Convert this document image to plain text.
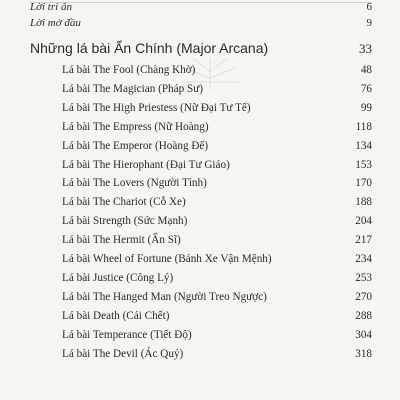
Lời tri ân	6
Lời mở đầu	9
Những lá bài Ẩn Chính (Major Arcana)	33
Lá bài The Fool (Chàng Khờ)	48
Lá bài The Magician (Pháp Sư)	76
Lá bài The High Priestess (Nữ Đại Tư Tế)	99
Lá bài The Empress (Nữ Hoàng)	118
Lá bài The Emperor (Hoàng Đế)	134
Lá bài The Hierophant (Đại Tư Giáo)	153
Lá bài The Lovers (Người Tình)	170
Lá bài The Chariot (Cỗ Xe)	188
Lá bài Strength (Sức Mạnh)	204
Lá bài The Hermit (Ẩn Sĩ)	217
Lá bài Wheel of Fortune (Bánh Xe Vận Mệnh)	234
Lá bài Justice (Công Lý)	253
Lá bài The Hanged Man (Người Treo Ngược)	270
Lá bài Death (Cái Chết)	288
Lá bài Temperance (Tiết Độ)	304
Lá bài The Devil (Ác Quỷ)	318
